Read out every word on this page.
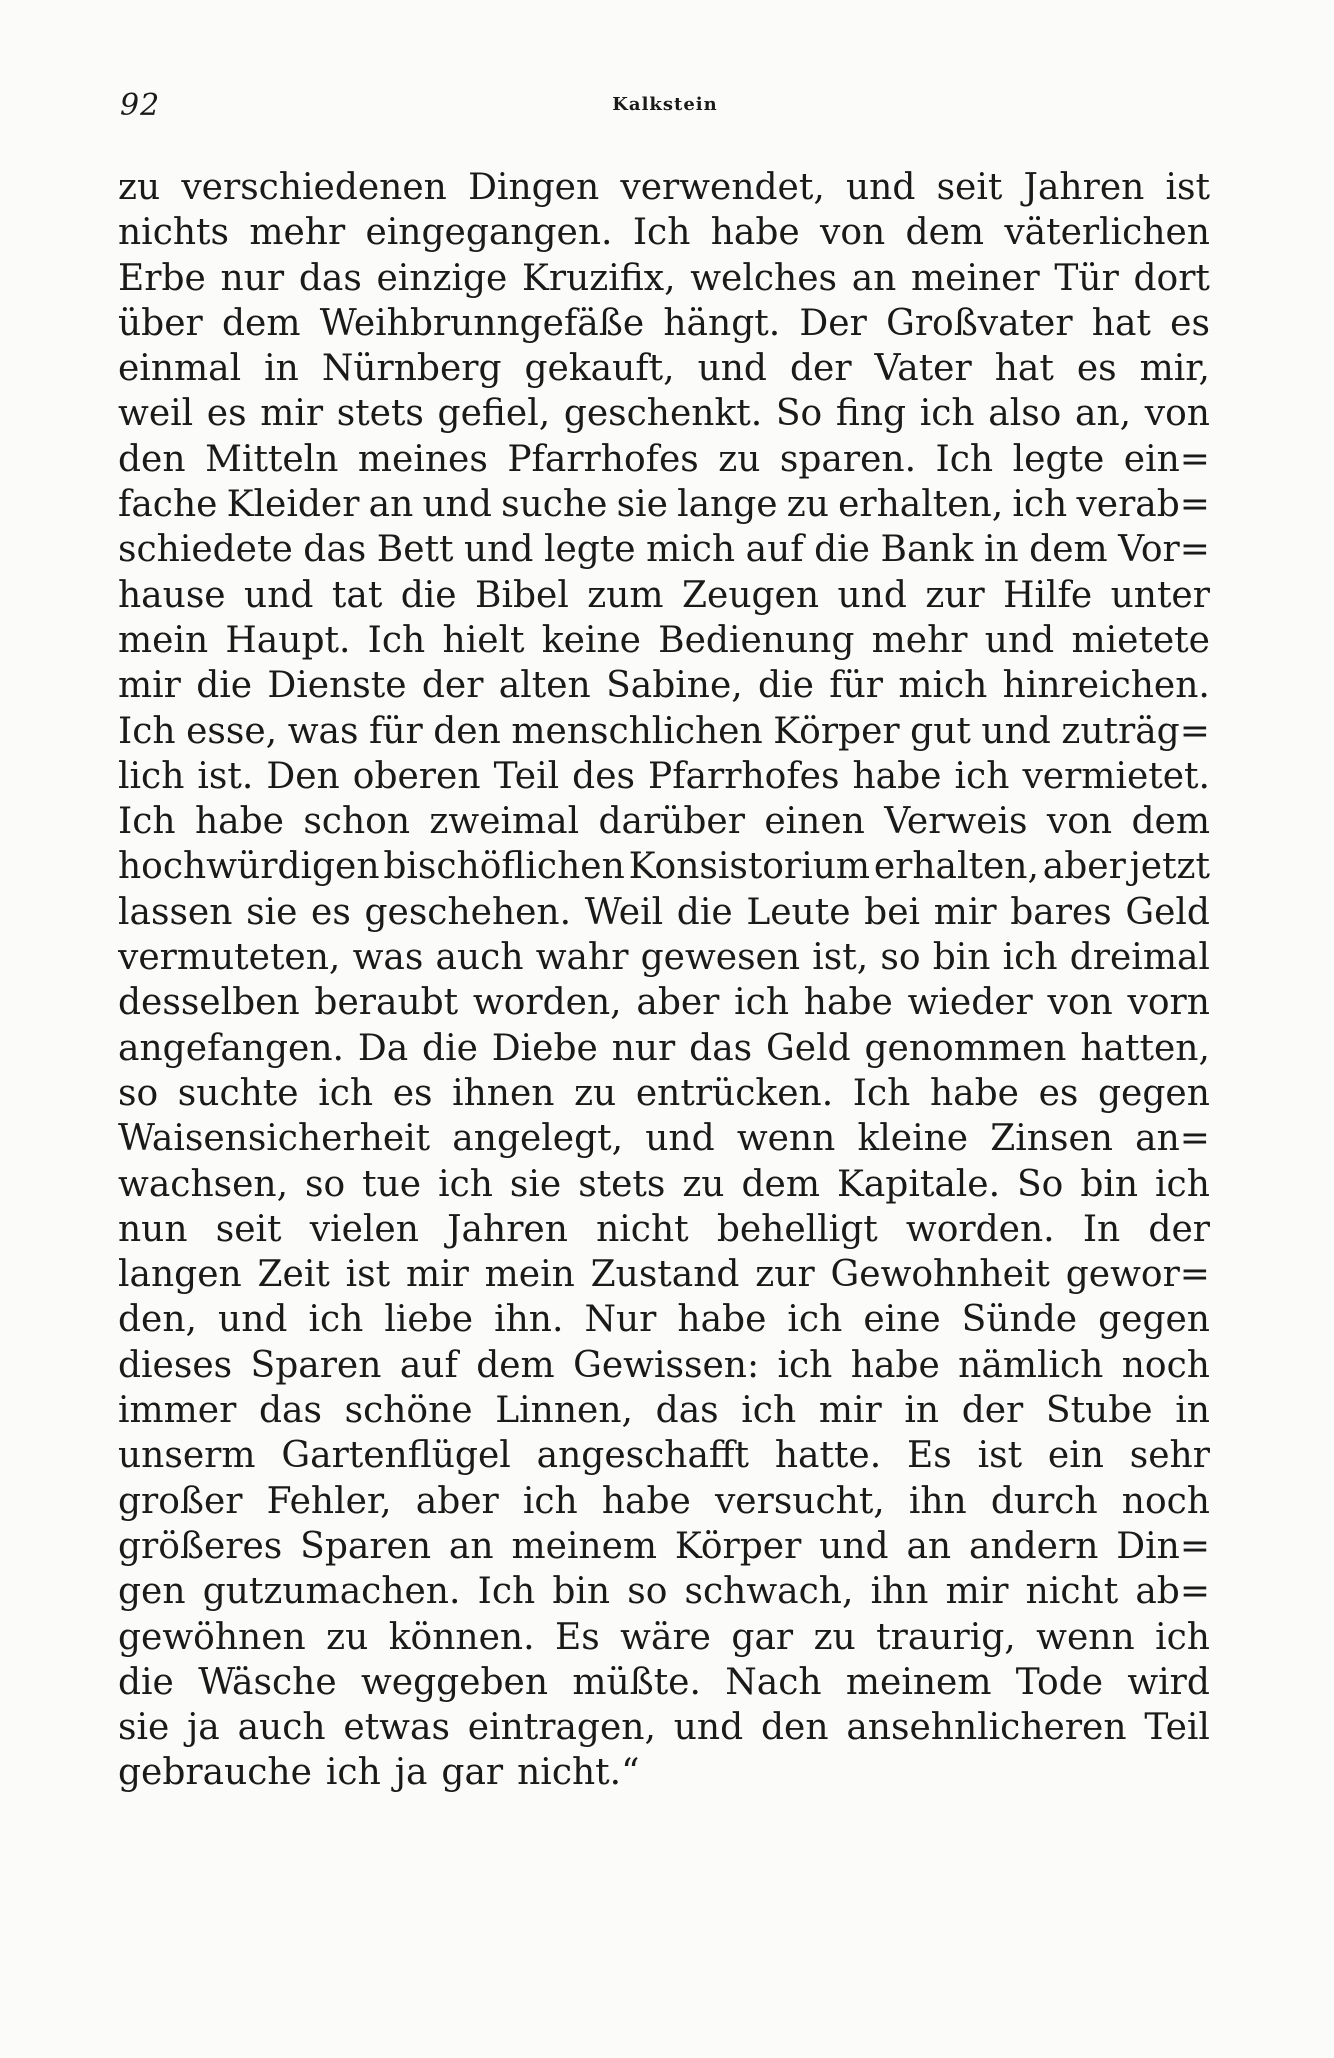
92	Kalkstein
zu verschiedenen Dingen verwendet, und seit Jahren ist
nichts mehr eingegangen. Ich habe von dem väterlichen
Erbe nur das einzige Kruzifix, welches an meiner Tür dort
über dem Weihbrunngefäße hängt. Der Großvater hat es
einmal in Nürnberg gekauft, und der Vater hat es mir,
weil es mir stets gefiel, geschenkt. So fing ich also an, von
den Mitteln meines Pfarrhofes zu sparen. Ich legte ein=
fache Kleider an und suche sie lange zu erhalten, ich verab=
schiedete das Bett und legte mich auf die Bank in dem Vor=
hause und tat die Bibel zum Zeugen und zur Hilfe unter
mein Haupt. Ich hielt keine Bedienung mehr und mietete
mir die Dienste der alten Sabine, die für mich hinreichen.
Ich esse, was für den menschlichen Körper gut und zuträg=
lich ist. Den oberen Teil des Pfarrhofes habe ich vermietet.
Ich habe schon zweimal darüber einen Verweis von dem
hochwürdigen bischöflichen Konsistorium erhalten, aber jetzt
lassen sie es geschehen. Weil die Leute bei mir bares Geld
vermuteten, was auch wahr gewesen ist, so bin ich dreimal
desselben beraubt worden, aber ich habe wieder von vorn
angefangen. Da die Diebe nur das Geld genommen hatten,
so suchte ich es ihnen zu entrücken. Ich habe es gegen
Waisensicherheit angelegt, und wenn kleine Zinsen an=
wachsen, so tue ich sie stets zu dem Kapitale. So bin ich
nun seit vielen Jahren nicht behelligt worden. In der
langen Zeit ist mir mein Zustand zur Gewohnheit gewor=
den, und ich liebe ihn. Nur habe ich eine Sünde gegen
dieses Sparen auf dem Gewissen: ich habe nämlich noch
immer das schöne Linnen, das ich mir in der Stube in
unserm Gartenflügel angeschafft hatte. Es ist ein sehr
großer Fehler, aber ich habe versucht, ihn durch noch
größeres Sparen an meinem Körper und an andern Din=
gen gutzumachen. Ich bin so schwach, ihn mir nicht ab=
gewöhnen zu können. Es wäre gar zu traurig, wenn ich
die Wäsche weggeben müßte. Nach meinem Tode wird
sie ja auch etwas eintragen, und den ansehnlicheren Teil
gebrauche ich ja gar nicht.“
